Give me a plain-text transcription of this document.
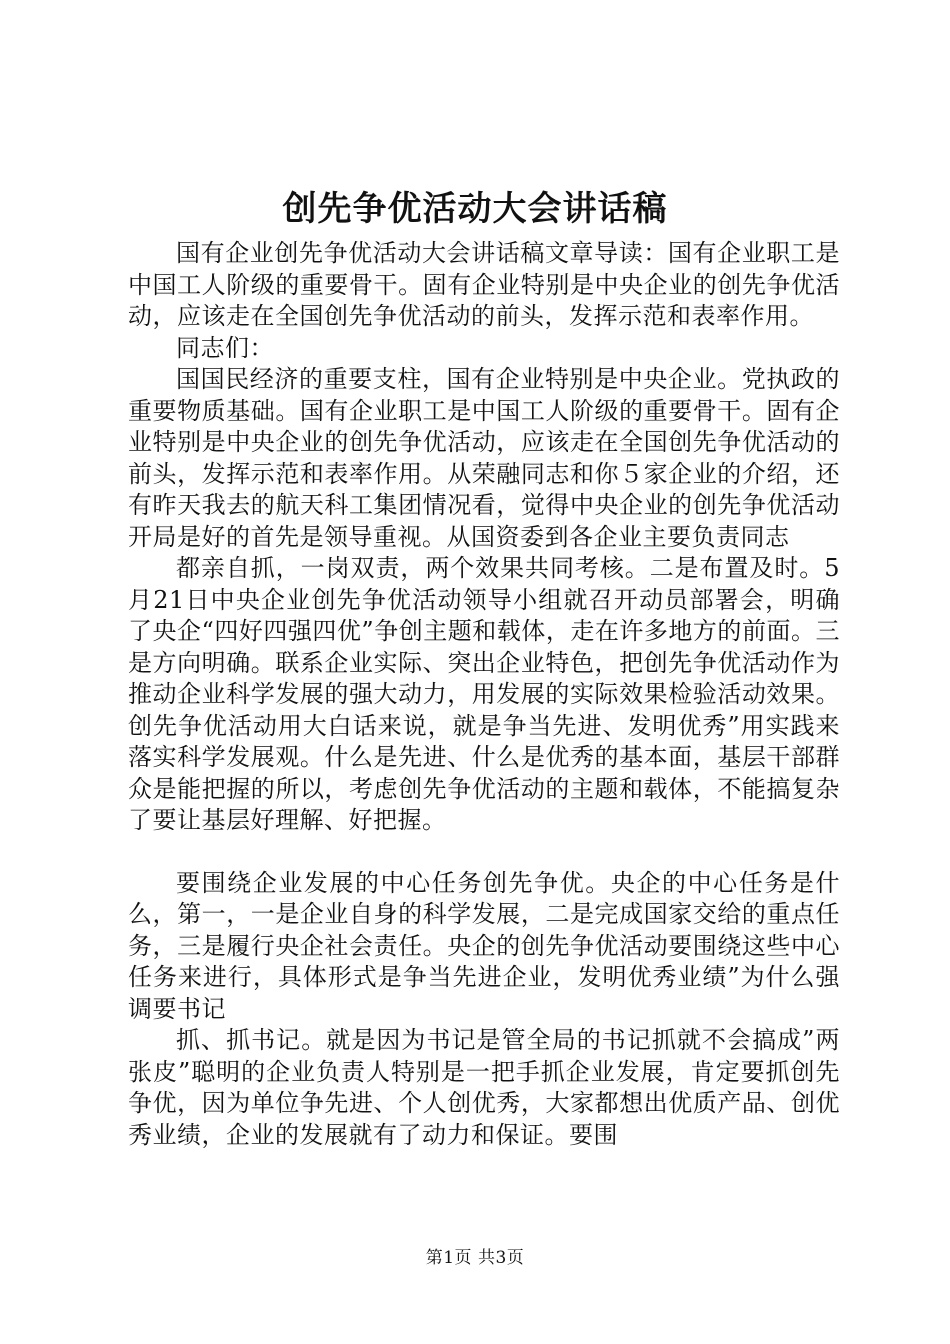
创先争优活动大会讲话稿

国有企业创先争优活动大会讲话稿文章导读：国有企业职工是中国工人阶级的重要骨干。固有企业特别是中央企业的创先争优活动，应该走在全国创先争优活动的前头，发挥示范和表率作用。

同志们：

国国民经济的重要支柱，国有企业特别是中央企业。党执政的重要物质基础。国有企业职工是中国工人阶级的重要骨干。固有企业特别是中央企业的创先争优活动，应该走在全国创先争优活动的前头，发挥示范和表率作用。从荣融同志和你５家企业的介绍，还有昨天我去的航天科工集团情况看，觉得中央企业的创先争优活动开局是好的首先是领导重视。从国资委到各企业主要负责同志

都亲自抓，一岗双责，两个效果共同考核。二是布置及时。5月21日中央企业创先争优活动领导小组就召开动员部署会，明确了央企“四好四强四优”争创主题和载体，走在许多地方的前面。三是方向明确。联系企业实际、突出企业特色，把创先争优活动作为推动企业科学发展的强大动力，用发展的实际效果检验活动效果。创先争优活动用大白话来说，就是争当先进、发明优秀”用实践来落实科学发展观。什么是先进、什么是优秀的基本面，基层干部群众是能把握的所以，考虑创先争优活动的主题和载体，不能搞复杂了要让基层好理解、好把握。

要围绕企业发展的中心任务创先争优。央企的中心任务是什么，第一，一是企业自身的科学发展，二是完成国家交给的重点任务，三是履行央企社会责任。央企的创先争优活动要围绕这些中心任务来进行，具体形式是争当先进企业，发明优秀业绩”为什么强调要书记

抓、抓书记。就是因为书记是管全局的书记抓就不会搞成”两张皮”聪明的企业负责人特别是一把手抓企业发展，肯定要抓创先争优，因为单位争先进、个人创优秀，大家都想出优质产品、创优秀业绩，企业的发展就有了动力和保证。要围

第1页 共3页
